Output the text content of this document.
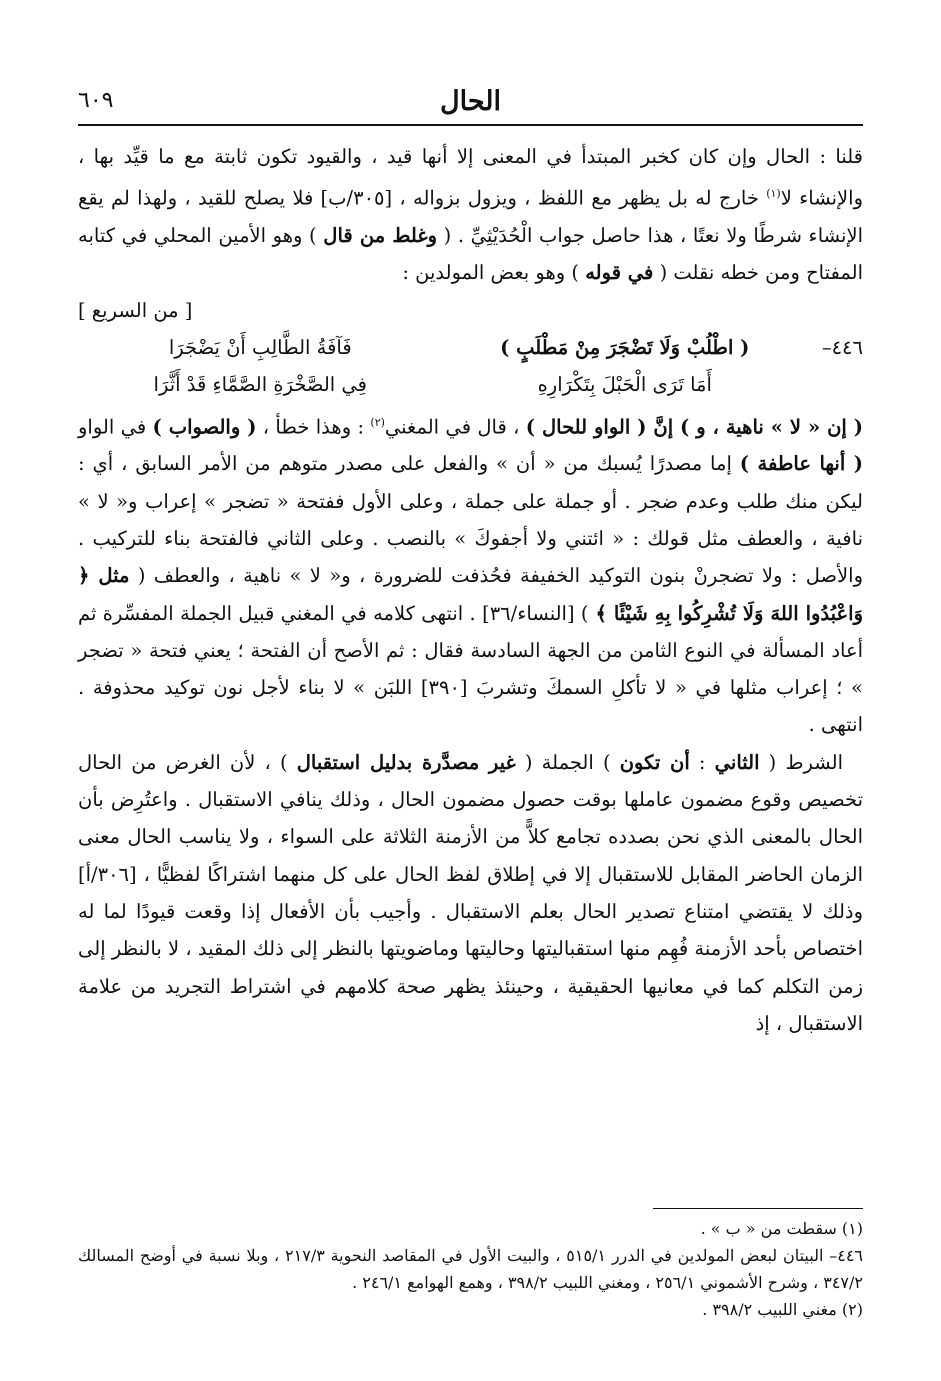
الحال
٦٠٩

قلنا : الحال وإن كان كخبر المبتدأ في المعنى إلا أنها قيد ، والقيود تكون ثابتة مع ما قيِّد بها ، والإنشاء لا$^{(١)}$ خارج له بل يظهر مع اللفظ ، ويزول بزواله ، [٣٠٥/ب] فلا يصلح للقيد ، ولهذا لم يقع الإنشاء شرطًا ولا نعتًا ، هذا حاصل جواب الْحُدَيْثِيِّ . ( وغلط من قال ) وهو الأمين المحلي في كتابه المفتاح ومن خطه نقلت ( في قوله ) وهو بعض المولدين :

[ من السريع ]
٤٤٦–
( اطْلُبْ وَلَا تَضْجَرَ مِنْ مَطْلَبٍ )
فَآفَةُ الطَّالِبِ أَنْ يَضْجَرَا
أَمَا تَرَى الْحَبْلَ بِتَكْرَارِهِ
فِي الصَّخْرَةِ الصَّمَّاءِ قَدْ أَثَّرَا

( إن « لا » ناهية ، و ) إنَّ ( الواو للحال ) ، قال في المغني$^{(٢)}$ : وهذا خطأ ، ( والصواب ) في الواو ( أنها عاطفة ) إما مصدرًا يُسبك من « أن » والفعل على مصدر متوهم من الأمر السابق ، أي : ليكن منك طلب وعدم ضجر . أو جملة على جملة ، وعلى الأول ففتحة « تضجر » إعراب و« لا » نافية ، والعطف مثل قولك : « ائتني ولا أجفوكَ » بالنصب . وعلى الثاني فالفتحة بناء للتركيب . والأصل : ولا تضجرنْ بنون التوكيد الخفيفة فحُذفت للضرورة ، و« لا » ناهية ، والعطف ( مثل ﴿ وَاعْبُدُوا اللهَ وَلَا تُشْرِكُوا بِهِ شَيْئًا ﴾ ) [النساء/٣٦] . انتهى كلامه في المغني قبيل الجملة المفسِّرة ثم أعاد المسألة في النوع الثامن من الجهة السادسة فقال : ثم الأصح أن الفتحة ؛ يعني فتحة « تضجر » ؛ إعراب مثلها في « لا تأكلِ السمكَ وتشربَ [٣٩٠] اللبَن » لا بناء لأجل نون توكيد محذوفة . انتهى .

الشرط ( الثاني : أن تكون ) الجملة ( غير مصدَّرة بدليل استقبال ) ، لأن الغرض من الحال تخصيص وقوع مضمون عاملها بوقت حصول مضمون الحال ، وذلك ينافي الاستقبال . واعتُرِض بأن الحال بالمعنى الذي نحن بصدده تجامع كلاًّ من الأزمنة الثلاثة على السواء ، ولا يناسب الحال معنى الزمان الحاضر المقابل للاستقبال إلا في إطلاق لفظ الحال على كل منهما اشتراكًا لفظيًّا ، [٣٠٦/أ] وذلك لا يقتضي امتناع تصدير الحال بعلم الاستقبال . وأجيب بأن الأفعال إذا وقعت قيودًا لما له اختصاص بأحد الأزمنة فُهِم منها استقباليتها وحاليتها وماضويتها بالنظر إلى ذلك المقيد ، لا بالنظر إلى زمن التكلم كما في معانيها الحقيقية ، وحينئذ يظهر صحة كلامهم في اشتراط التجريد من علامة الاستقبال ، إذ

(١) سقطت من « ب » .

٤٤٦– البيتان لبعض المولدين في الدرر ٥١٥/١ ، والبيت الأول في المقاصد النحوية ٢١٧/٣ ، وبلا نسبة في أوضح المسالك ٣٤٧/٢ ، وشرح الأشموني ٢٥٦/١ ، ومغني اللبيب ٣٩٨/٢ ، وهمع الهوامع ٢٤٦/١ .

(٢) مغني اللبيب ٣٩٨/٢ .
